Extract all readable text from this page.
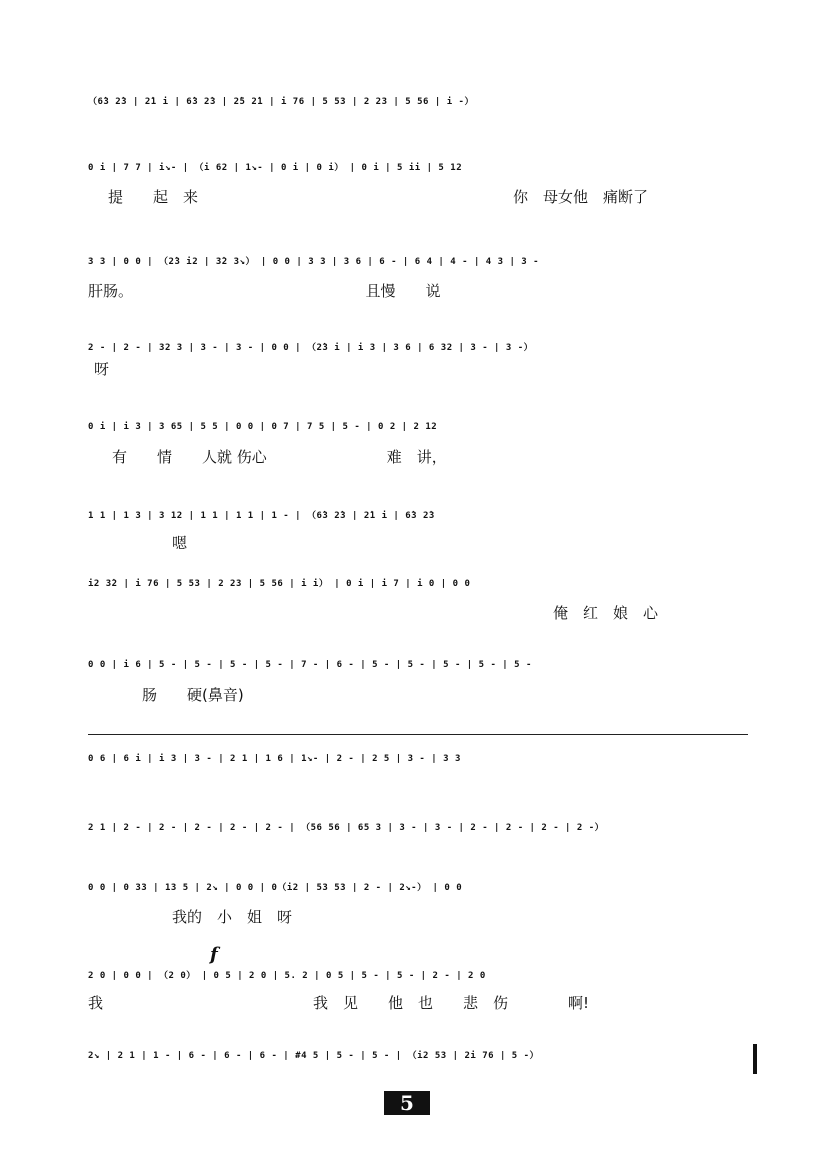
（6̇3 2̇3 | 2̇1 i | 6̇3 2̇3 | 2̇5 2̇1 | i 76 | 5 53 | 2 23 | 5 56 | i -）
0 i | 7 7 | i↘- | （i 62 | 1↘- | 0 i | 0 i） | 0 i | 5 ii | 5 12
提　　起　来　　　　　　　　　　　　　　　　　　　　　你　母女他　痛断了
3 3 | 0 0 | （2̇3 i2 | 3̇2 3↘） | 0 0 | 3 3 | 3 6 | 6 - | 6 4 | 4 - | 4 3 | 3 -
肝肠。　　　　　　　　　　　　　　　　且慢　　说
2 - | 2 - | 32 3 | 3 - | 3 - | 0 0 | （2̇3 i | i 3 | 3 6 | 6 32 | 3 - | 3 -）
呀
0 i | i 3 | 3 65 | 5 5 | 0 0 | 0 7 | 7 5 | 5 - | 0 2 | 2 12
有　　情　　人就 伤心　　　　　　　　难　讲，
1 1 | 1 3 | 3 12 | 1 1 | 1 1 | 1 - | （6̇3 2̇3 | 2̇1 i | 6̇3 2̇3
嗯
i2 3̇2 | i 76 | 5 53 | 2 23 | 5 56 | i i） | 0 i | i 7 | i 0 | 0 0
俺　红　娘　心
0 0 | i 6 | 5 - | 5 - | 5 - | 5 - | 7 - | 6 - | 5 - | 5 - | 5 - | 5 - | 5 -
肠　　硬(鼻音)
0 6 | 6 i | i 3 | 3 - | 2 1 | 1 6 | 1↘- | 2 - | 2 5 | 3 - | 3 3
2 1 | 2 - | 2 - | 2 - | 2 - | 2 - | （56 56 | 65 3 | 3 - | 3 - | 2 - | 2 - | 2 - | 2 -）
0 0 | 0 33 | 13 5 | 2↘ | 0 0 | 0（i2 | 53 53 | 2 - | 2↘-） | 0 0
我的　小　姐　呀
f
2 0 | 0 0 | （2 0） | 0 5 | 2 0 | 5. 2 | 0 5 | 5 - | 5 - | 2 - | 2 0
我　　　　　　　　　　　　　　我　见　　他　也　　悲　伤　　　　啊!
2↘ | 2 1 | 1 - | 6 - | 6 - | 6 - | #4 5 | 5 - | 5 - | （i2 53 | 2i 76 | 5 -）
5
